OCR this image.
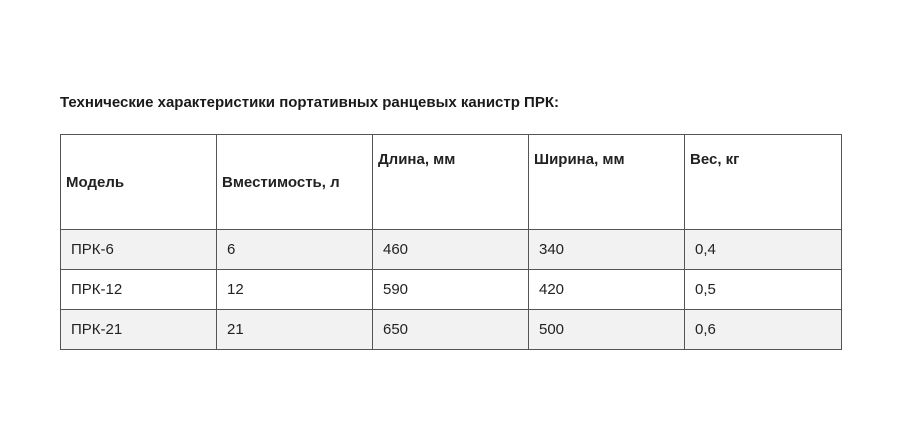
Технические характеристики портативных ранцевых канистр ПРК:
Модель	Вместимость, л	Длина, мм	Ширина, мм	Вес, кг
ПРК-6	6	460	340	0,4
ПРК-12	12	590	420	0,5
ПРК-21	21	650	500	0,6
